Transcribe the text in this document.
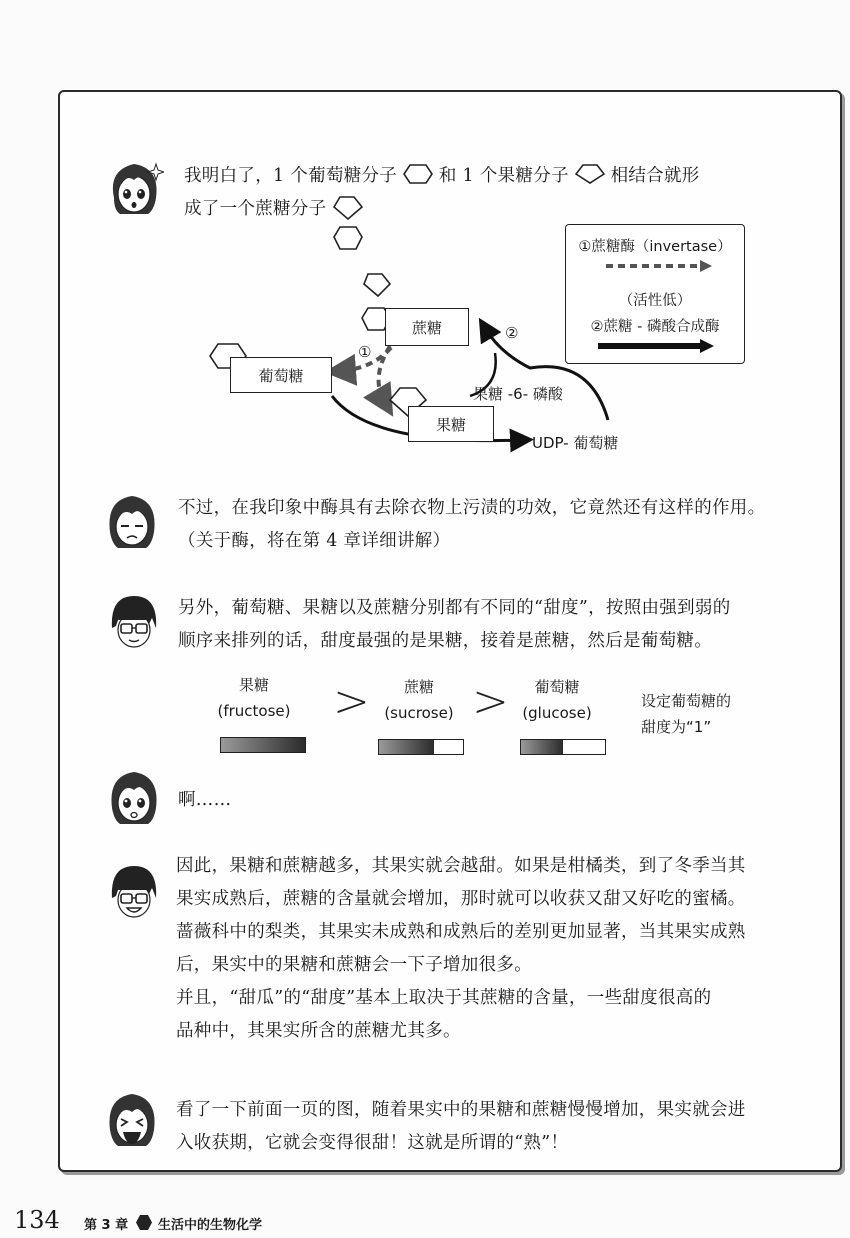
我明白了，1 个葡萄糖分子 和 1 个果糖分子 相结合就形

成了一个蔗糖分子

蔗糖
葡萄糖
果糖
果糖 -6- 磷酸
UDP- 葡萄糖
①
②
①蔗糖酶（invertase）
（活性低）
②蔗糖 - 磷酸合成酶

不过，在我印象中酶具有去除衣物上污渍的功效，它竟然还有这样的作用。

（关于酶，将在第 4 章详细讲解）

另外，葡萄糖、果糖以及蔗糖分别都有不同的“甜度”，按照由强到弱的

顺序来排列的话，甜度最强的是果糖，接着是蔗糖，然后是葡萄糖。

果糖
(fructose)
蔗糖
(sucrose)
葡萄糖
(glucose)
> >	设定葡萄糖的
甜度为“1”

啊……

因此，果糖和蔗糖越多，其果实就会越甜。如果是柑橘类，到了冬季当其

果实成熟后，蔗糖的含量就会增加，那时就可以收获又甜又好吃的蜜橘。

蔷薇科中的梨类，其果实未成熟和成熟后的差别更加显著，当其果实成熟

后，果实中的果糖和蔗糖会一下子增加很多。

并且，“甜瓜”的“甜度”基本上取决于其蔗糖的含量，一些甜度很高的

品种中，其果实所含的蔗糖尤其多。

看了一下前面一页的图，随着果实中的果糖和蔗糖慢慢增加，果实就会进

入收获期，它就会变得很甜！这就是所谓的“熟”！

134 第 3 章 生活中的生物化学
